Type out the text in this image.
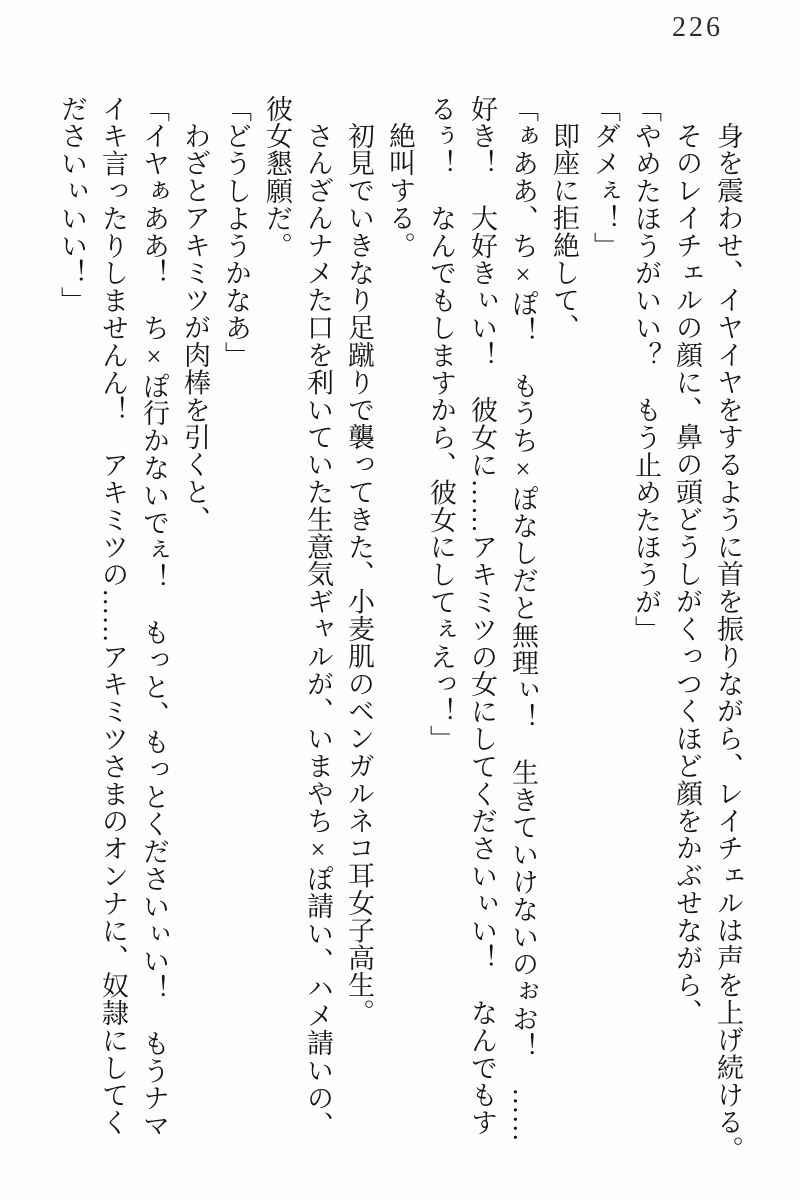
226

身を震わせ、イヤイヤをするように首を振りながら、レイチェルは声を上げ続ける。

そのレイチェルの顔に、鼻の頭どうしがくっつくほど顔をかぶせながら、

「やめたほうがいい？　もう止めたほうが」

「ダメぇ！」

即座に拒絶して、

「ぁああ、ち×ぽ！　もうち×ぽなしだと無理ぃ！　生きていけないのぉお！　……

好き！　大好きぃい！　彼女に……アキミツの女にしてくださいぃい！　なんでもす

るぅ！　なんでもしますから、彼女にしてぇえっ！」

絶叫する。

初見でいきなり足蹴りで襲ってきた、小麦肌のベンガルネコ耳女子高生。

さんざんナメた口を利いていた生意気ギャルが、いまやち×ぽ請い、ハメ請いの、

彼女懇願だ。

「どうしようかなあ」

わざとアキミツが肉棒を引くと、

「イヤぁああ！　ち×ぽ行かないでぇ！　もっと、もっとくださいぃい！　もうナマ

イキ言ったりしませんん！　アキミツの……アキミツさまのオンナに、奴隷にしてく

ださいぃいい！」
